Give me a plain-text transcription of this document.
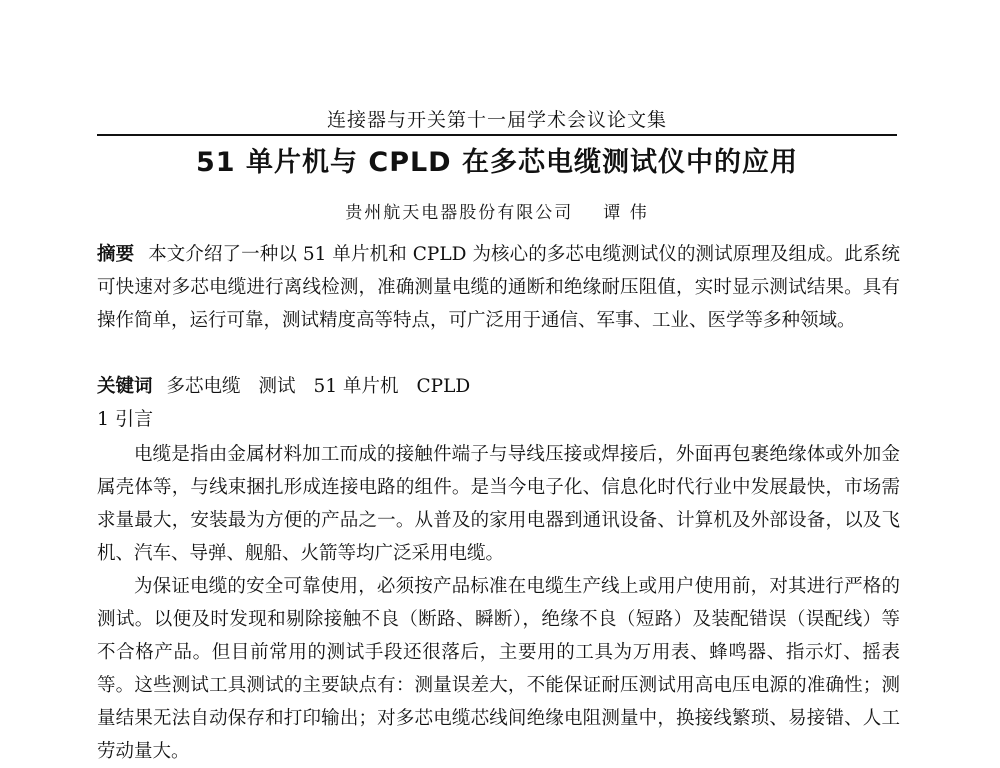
连接器与开关第十一届学术会议论文集
51 单片机与 CPLD 在多芯电缆测试仪中的应用
贵州航天电器股份有限公司 谭 伟
摘要 本文介绍了一种以 51 单片机和 CPLD 为核心的多芯电缆测试仪的测试原理及组成。此系统可快速对多芯电缆进行离线检测，准确测量电缆的通断和绝缘耐压阻值，实时显示测试结果。具有操作简单，运行可靠，测试精度高等特点，可广泛用于通信、军事、工业、医学等多种领域。
关键词 多芯电缆 测试 51 单片机 CPLD
1 引言
电缆是指由金属材料加工而成的接触件端子与导线压接或焊接后，外面再包裹绝缘体或外加金属壳体等，与线束捆扎形成连接电路的组件。是当今电子化、信息化时代行业中发展最快，市场需求量最大，安装最为方便的产品之一。从普及的家用电器到通讯设备、计算机及外部设备，以及飞机、汽车、导弹、舰船、火箭等均广泛采用电缆。
为保证电缆的安全可靠使用，必须按产品标准在电缆生产线上或用户使用前，对其进行严格的测试。以便及时发现和剔除接触不良（断路、瞬断），绝缘不良（短路）及装配错误（误配线）等不合格产品。但目前常用的测试手段还很落后，主要用的工具为万用表、蜂鸣器、指示灯、摇表等。这些测试工具测试的主要缺点有：测量误差大，不能保证耐压测试用高电压电源的准确性；测量结果无法自动保存和打印输出；对多芯电缆芯线间绝缘电阻测量中，换接线繁琐、易接错、人工劳动量大。
